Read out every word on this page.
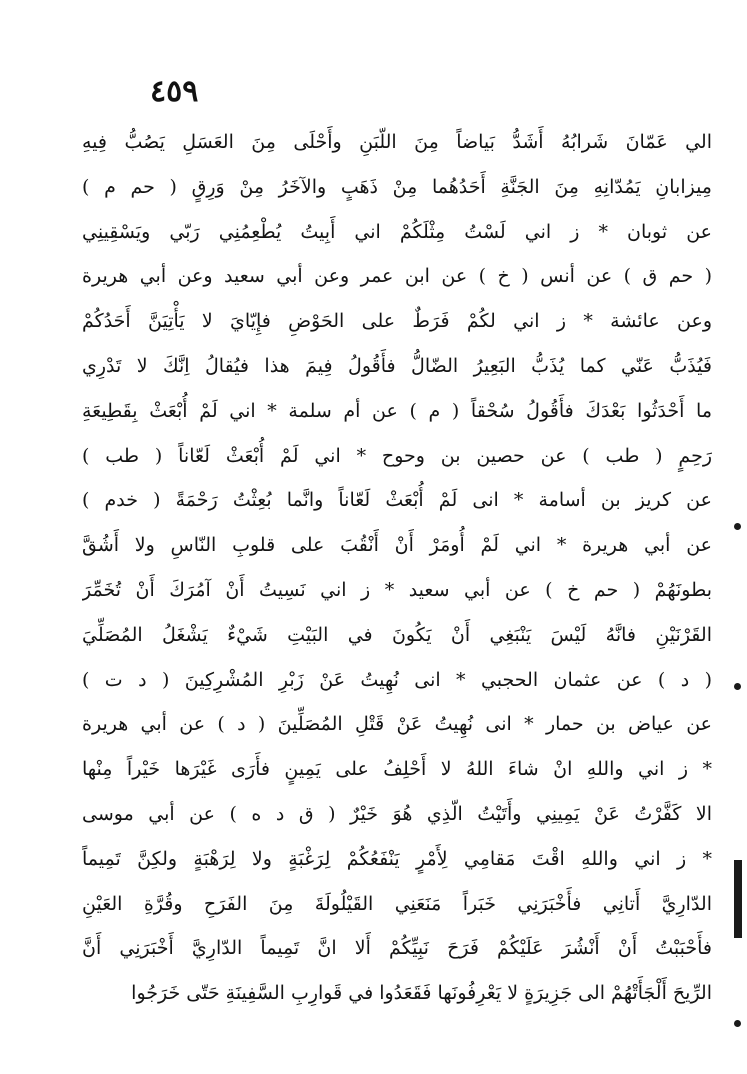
٤٥٩
الي عَمّانَ شَرابُهُ أَشَدُّ بَياضاً مِنَ اللّبَنِ وأَحْلَى مِنَ العَسَلِ يَصُبُّ فِيهِ
مِيزابانِ يَمُدّانِهِ مِنَ الجَنَّةِ أَحَدُهُما مِنْ ذَهَبٍ والآخَرُ مِنْ وَرِقٍ ( حم م )
عن ثوبان * ز اني لَسْتُ مِثْلَكُمْ اني أَبِيتُ يُطْعِمُنِي رَبّي ويَسْقِينِي
( حم ق ) عن أنس ( خ ) عن ابن عمر وعن أبي سعيد وعن أبي هريرة
وعن عائشة * ز اني لكُمْ فَرَطٌ على الحَوْضِ فإِيّايَ لا يَأْتِيَنَّ أَحَدُكُمْ
فَيُذَبُّ عَنّي كما يُذَبُّ البَعِيرُ الضّالُّ فأَقُولُ فِيمَ هذا فيُقالُ اِنَّكَ لا تَدْرِي
ما أَحْدَثُوا بَعْدَكَ فأَقُولُ سُحْقاً ( م ) عن أم سلمة * اني لَمْ أُبْعَثْ بِقَطِيعَةِ
رَحِمٍ ( طب ) عن حصين بن وحوح * اني لَمْ أُبْعَثْ لَعّاناً ( طب )
عن كريز بن أسامة * انى لَمْ أُبْعَثْ لَعّاناً وانَّما بُعِثْتُ رَحْمَةً ( خدم )
عن أبي هريرة * اني لَمْ أُومَرْ أَنْ أَنْقُبَ على قلوبِ النّاسِ ولا أَشُقَّ
بطونَهُمْ ( حم خ ) عن أبي سعيد * ز اني نَسِيتُ أَنْ آمُرَكَ أَنْ تُخَمِّرَ
القَرْنَيْنِ فانَّهُ لَيْسَ يَنْبَغِي أَنْ يَكُونَ في البَيْتِ شَيْءٌ يَشْغَلُ المُصَلِّيَ
( د ) عن عثمان الحجبي * انى نُهِيتُ عَنْ زَبْرِ المُشْرِكِينَ ( د ت )
عن عياض بن حمار * انى نُهِيتُ عَنْ قَتْلِ المُصَلِّينَ ( د ) عن أبي هريرة
* ز اني واللهِ انْ شاءَ اللهُ لا أَحْلِفُ على يَمِينٍ فأَرَى غَيْرَها خَيْراً مِنْها
الا كَفَّرْتُ عَنْ يَمِينِي وأَتَيْتُ الّذِي هُوَ خَيْرٌ ( ق د ه ) عن أبي موسى
* ز اني واللهِ اقْتَ مَقامِي لِأَمْرٍ يَنْفَعُكُمْ لِرَغْبَةٍ ولا لِرَهْبَةٍ ولكِنَّ تَمِيماً
الدّارِيَّ أَتانِي فأَخْبَرَنِي خَبَراً مَنَعَنِي القَيْلُولَةَ مِنَ الفَرَحِ وقُرَّةِ العَيْنِ
فأَحْبَبْتُ أَنْ أَنْشُرَ عَلَيْكُمْ فَرَحَ نَبِيِّكُمْ أَلا انَّ تَمِيماً الدّارِيَّ أَخْبَرَنِي أَنَّ
الرِّيحَ أَلْجَأَتْهُمْ الى جَزِيرَةٍ لا يَعْرِفُونَها فَقَعَدُوا في قَوارِبِ السَّفِينَةِ حَتّى خَرَجُوا
